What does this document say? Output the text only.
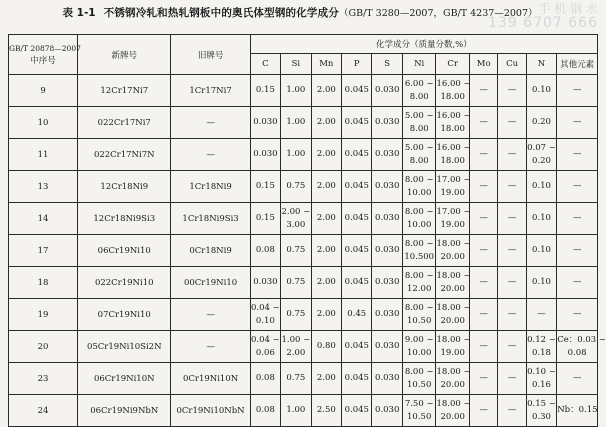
表 1-1 不锈钢冷轧和热轧钢板中的奥氏体型钢的化学成分（GB/T 3280—2007，GB/T 4237—2007） 手 机 钢 水
139 6707 666
GB/T 20878—2007
中序号	新牌号	旧牌号	化学成分（质量分数,%）										
			C	Si	Mn	P	S	Ni	Cr	Mo	Cu	N	其他元素
9	12Cr17Ni7	1Cr17Ni7	0.15	1.00	2.00	0.045	0.030	6.00 ~
8.00	16.00 ~
18.00	—	—	0.10	—

10	022Cr17Ni7	—	0.030	1.00	2.00	0.045	0.030	5.00 ~
8.00	16.00 ~
18.00	—	—	0.20	—

11	022Cr17Ni7N	—	0.030	1.00	2.00	0.045	0.030	5.00 ~
8.00	16.00 ~
18.00	—	—	0.07 ~
0.20	—

13	12Cr18Ni9	1Cr18Ni9	0.15	0.75	2.00	0.045	0.030	8.00 ~
10.00	17.00 ~
19.00	—	—	0.10	—

14	12Cr18Ni9Si3	1Cr18Ni9Si3	0.15	2.00 ~
3.00	2.00	0.045	0.030	8.00 ~
10.00	17.00 ~
19.00	—	—	0.10	—

17	06Cr19Ni10	0Cr18Ni9	0.08	0.75	2.00	0.045	0.030	8.00 ~
10.500	18.00 ~
20.00	—	—	0.10	—

18	022Cr19Ni10	00Cr19Ni10	0.030	0.75	2.00	0.045	0.030	8.00 ~
12.00	18.00 ~
20.00	—	—	0.10	—

19	07Cr19Ni10	—	0.04 ~
0.10	0.75	2.00	0.45	0.030	8.00 ~
10.50	18.00 ~
20.00	—	—	—	—

20	05Cr19Ni10Si2N	—	0.04 ~
0.06	1.00 ~
2.00	0.80	0.045	0.030	9.00 ~
10.00	18.00 ~
19.00	—	—	0.12 ~
0.18	Ce：0.03 ~
0.08

23	06Cr19Ni10N	0Cr19Ni10N	0.08	0.75	2.00	0.045	0.030	8.00 ~
10.50	18.00 ~
20.00	—	—	0.10 ~
0.16	—

24	06Cr19Ni9NbN	0Cr19Ni10NbN	0.08	1.00	2.50	0.045	0.030	7.50 ~
10.50	18.00 ~
20.00	—	—	0.15 ~
0.30	Nb：0.15
